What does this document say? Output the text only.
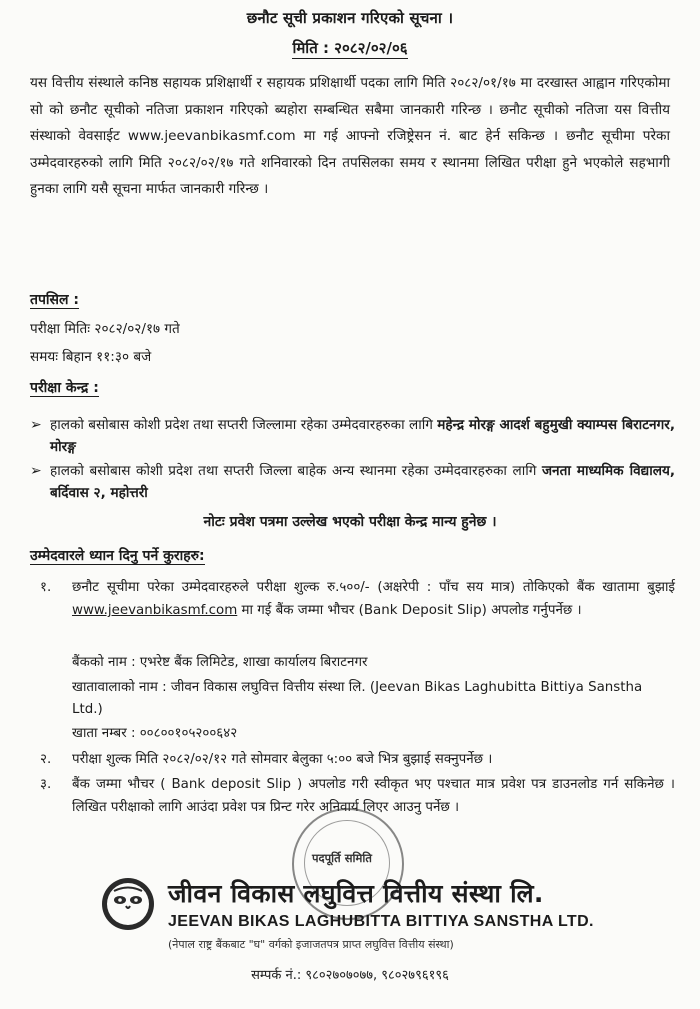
छनौट सूची प्रकाशन गरिएको सूचना ।
मिति : २०८२/०२/०६
यस वित्तीय संस्थाले कनिष्ठ सहायक प्रशिक्षार्थी र सहायक प्रशिक्षार्थी पदका लागि मिति २०८२/०१/१७ मा दरखास्त आह्वान गरिएकोमा सो को छनौट सूचीको नतिजा प्रकाशन गरिएको ब्यहोरा सम्बन्धित सबैमा जानकारी गरिन्छ । छनौट सूचीको नतिजा यस वित्तीय संस्थाको वेवसाईट www.jeevanbikasmf.com मा गई आफ्नो रजिष्ट्रेसन नं. बाट हेर्न सकिन्छ । छनौट सूचीमा परेका उम्मेदवारहरुको लागि मिति २०८२/०२/१७ गते शनिवारको दिन तपसिलका समय र स्थानमा लिखित परीक्षा हुने भएकोले सहभागी हुनका लागि यसै सूचना मार्फत जानकारी गरिन्छ ।
तपसिल :
परीक्षा मितिः २०८२/०२/१७ गते
समयः बिहान ११:३० बजे
परीक्षा केन्द्र :
➢ हालको बसोबास कोशी प्रदेश तथा सप्तरी जिल्लामा रहेका उम्मेदवारहरुका लागि महेन्द्र मोरङ्ग आदर्श बहुमुखी क्याम्पस बिराटनगर, मोरङ्ग
➢ हालको बसोबास कोशी प्रदेश तथा सप्तरी जिल्ला बाहेक अन्य स्थानमा रहेका उम्मेदवारहरुका लागि जनता माध्यमिक विद्यालय, बर्दिवास २, महोत्तरी
नोटः प्रवेश पत्रमा उल्लेख भएको परीक्षा केन्द्र मान्य हुनेछ ।
उम्मेदवारले ध्यान दिनु पर्ने कुराहरु:
१.	छनौट सूचीमा परेका उम्मेदवारहरुले परीक्षा शुल्क रु.५००/- (अक्षरेपी : पाँच सय मात्र) तोकिएको बैंक खातामा बुझाई www.jeevanbikasmf.com मा गई बैंक जम्मा भौचर (Bank Deposit Slip) अपलोड गर्नुपर्नेछ ।
बैंकको नाम : एभरेष्ट बैंक लिमिटेड, शाखा कार्यालय बिराटनगर
खातावालाको नाम : जीवन विकास लघुवित्त वित्तीय संस्था लि. (Jeevan Bikas Laghubitta Bittiya Sanstha Ltd.)
खाता नम्बर : ००८००१०५२००६४२
२.	परीक्षा शुल्क मिति २०८२/०२/१२ गते सोमवार बेलुका ५:०० बजे भित्र बुझाई सक्नुपर्नेछ ।
३.	बैंक जम्मा भौचर ( Bank deposit Slip ) अपलोड गरी स्वीकृत भए पश्चात मात्र प्रवेश पत्र डाउनलोड गर्न सकिनेछ । लिखित परीक्षाको लागि आउंदा प्रवेश पत्र प्रिन्ट गरेर अनिवार्य लिएर आउनु पर्नेछ ।
पदपूर्ति समिति
जीवन विकास लघुवित्त वित्तीय संस्था लि.
JEEVAN BIKAS LAGHUBITTA BITTIYA SANSTHA LTD.
(नेपाल राष्ट्र बैंकबाट "घ" वर्गको इजाजतपत्र प्राप्त लघुवित्त वित्तीय संस्था)
सम्पर्क नं.: ९८०२७०७०७७, ९८०२७९६१९६
